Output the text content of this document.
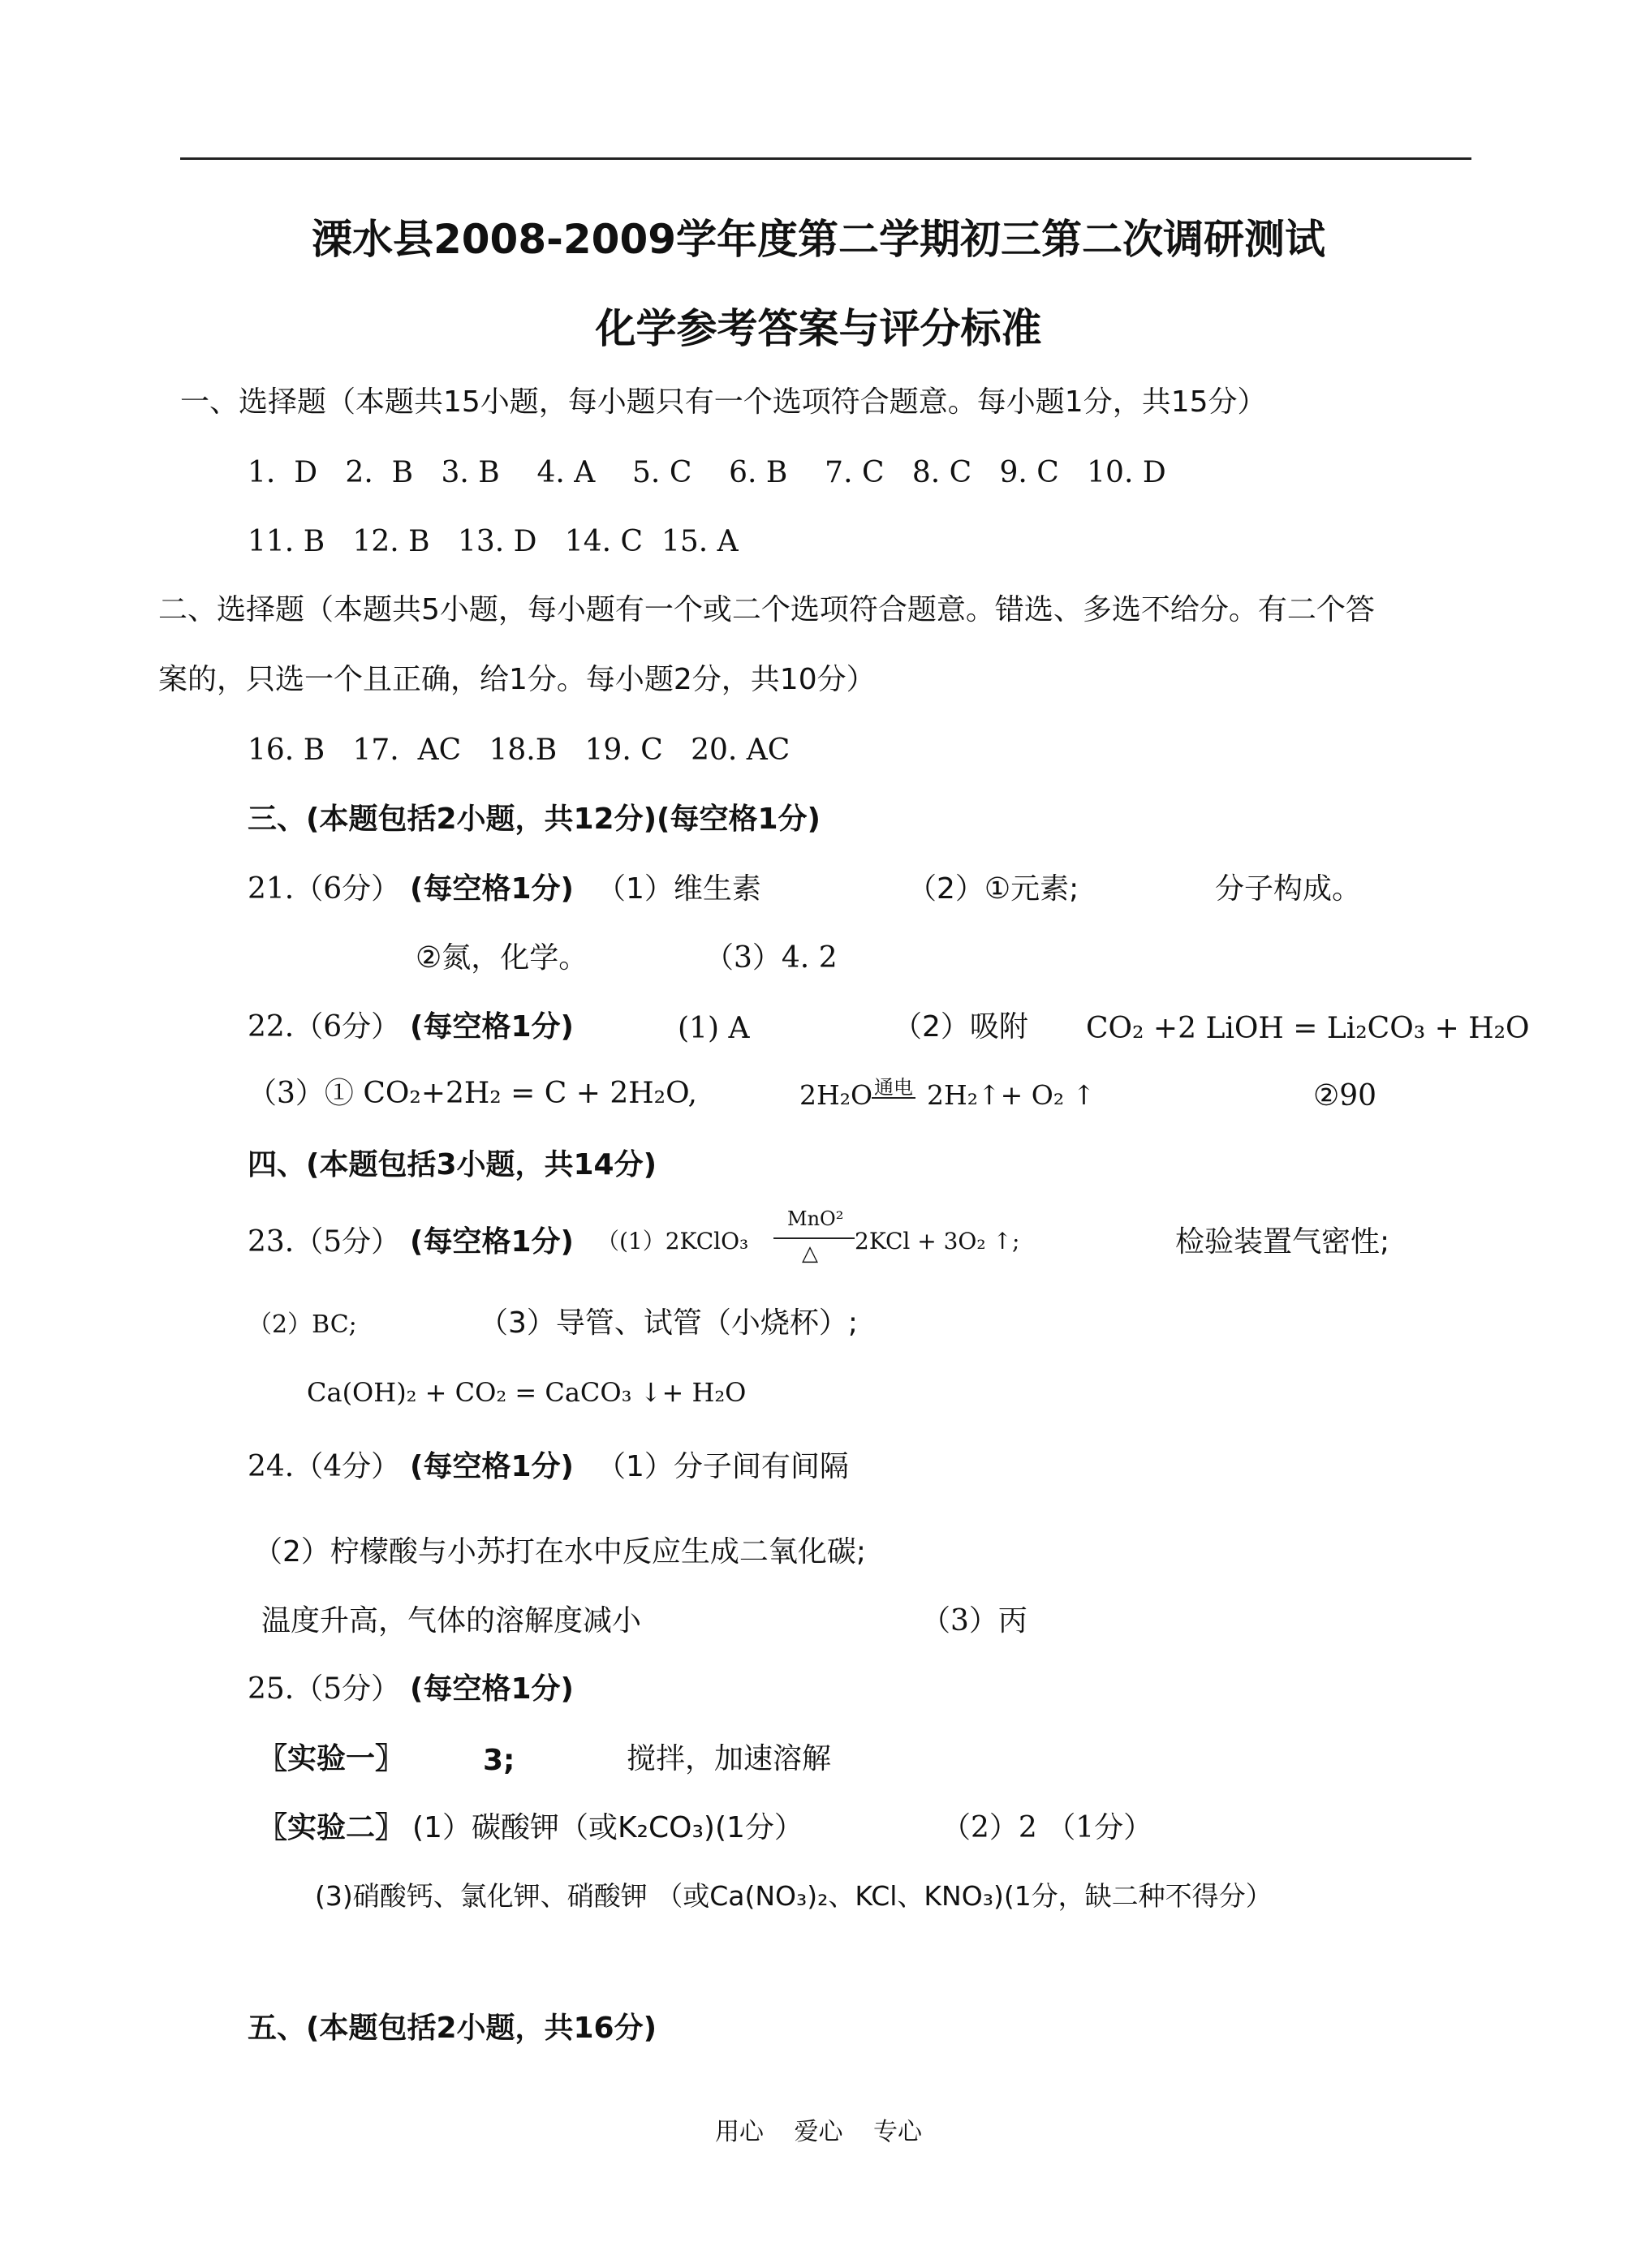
溧水县2008-2009学年度第二学期初三第二次调研测试
化学参考答案与评分标准
一、选择题（本题共15小题，每小题只有一个选项符合题意。每小题1分，共15分）
1.  D   2.  B   3. B    4. A    5. C    6. B    7. C   8. C   9. C   10. D
11. B   12. B   13. D   14. C  15. A
二、选择题（本题共5小题，每小题有一个或二个选项符合题意。错选、多选不给分。有二个答
案的，只选一个且正确，给1分。每小题2分，共10分）
16. B   17.  AC   18.B   19. C   20. AC
三、(本题包括2小题，共12分)(每空格1分)
21.（6分） (每空格1分) （1）维生素	（2）①元素;	分子构成。
②氮，化学。	（3）4. 2
22.（6分） (每空格1分)	(1) A	（2）吸附 CO₂ +2 LiOH = Li₂CO₃ + H₂O
（3）① CO₂+2H₂ = C + 2H₂O,	2H₂O 通电 2H₂↑+ O₂ ↑	②90
四、(本题包括3小题，共14分)
23.（5分） (每空格1分) （(1）2KClO₃
MnO²
△ 2KCl + 3O₂ ↑;	检验装置气密性;
（2）BC;	（3）导管、试管（小烧杯）;
Ca(OH)₂ + CO₂ = CaCO₃ ↓+ H₂O
24.（4分） (每空格1分) （1）分子间有间隔
（2）柠檬酸与小苏打在水中反应生成二氧化碳;
温度升高，气体的溶解度减小	（3）丙
25.（5分） (每空格1分)
〖实验一〗	3;	搅拌，加速溶解
〖实验二〗 (1）碳酸钾（或K₂CO₃)(1分）	（2）2 （1分）
(3)硝酸钙、氯化钾、硝酸钾 （或Ca(NO₃)₂、KCl、KNO₃)(1分，缺二种不得分）
五、(本题包括2小题，共16分)
用心 爱心 专心
